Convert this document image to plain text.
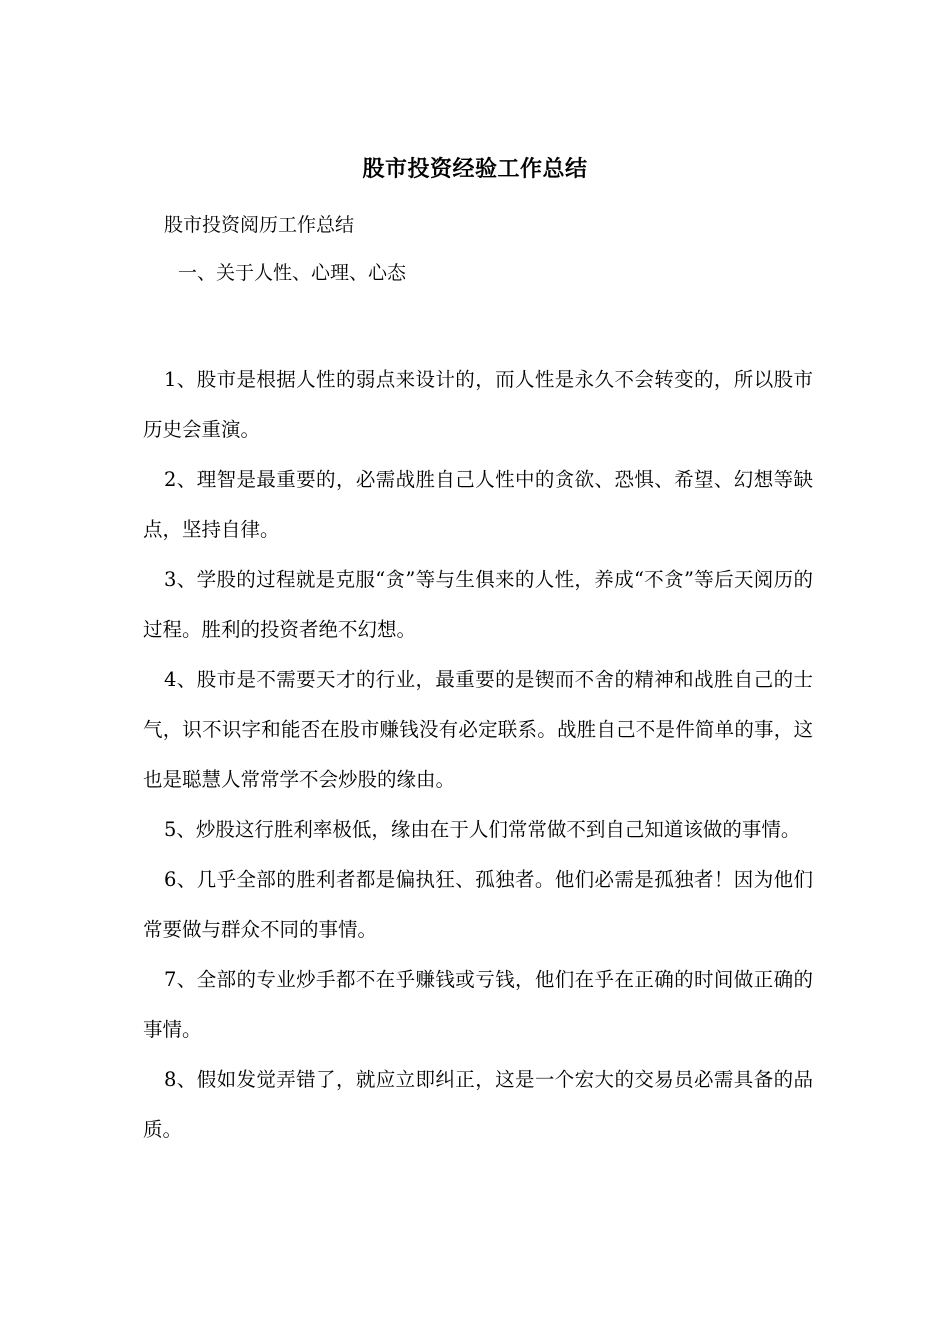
股市投资经验工作总结
股市投资阅历工作总结
一、关于人性、心理、心态

1、股市是根据人性的弱点来设计的，而人性是永久不会转变的，所以股市历史会重演。

2、理智是最重要的，必需战胜自己人性中的贪欲、恐惧、希望、幻想等缺点，坚持自律。

3、学股的过程就是克服“贪”等与生俱来的人性，养成“不贪”等后天阅历的过程。胜利的投资者绝不幻想。

4、股市是不需要天才的行业，最重要的是锲而不舍的精神和战胜自己的士气，识不识字和能否在股市赚钱没有必定联系。战胜自己不是件简单的事，这也是聪慧人常常学不会炒股的缘由。

5、炒股这行胜利率极低，缘由在于人们常常做不到自己知道该做的事情。

6、几乎全部的胜利者都是偏执狂、孤独者。他们必需是孤独者！因为他们常要做与群众不同的事情。

7、全部的专业炒手都不在乎赚钱或亏钱，他们在乎在正确的时间做正确的事情。

8、假如发觉弄错了，就应立即纠正，这是一个宏大的交易员必需具备的品质。
